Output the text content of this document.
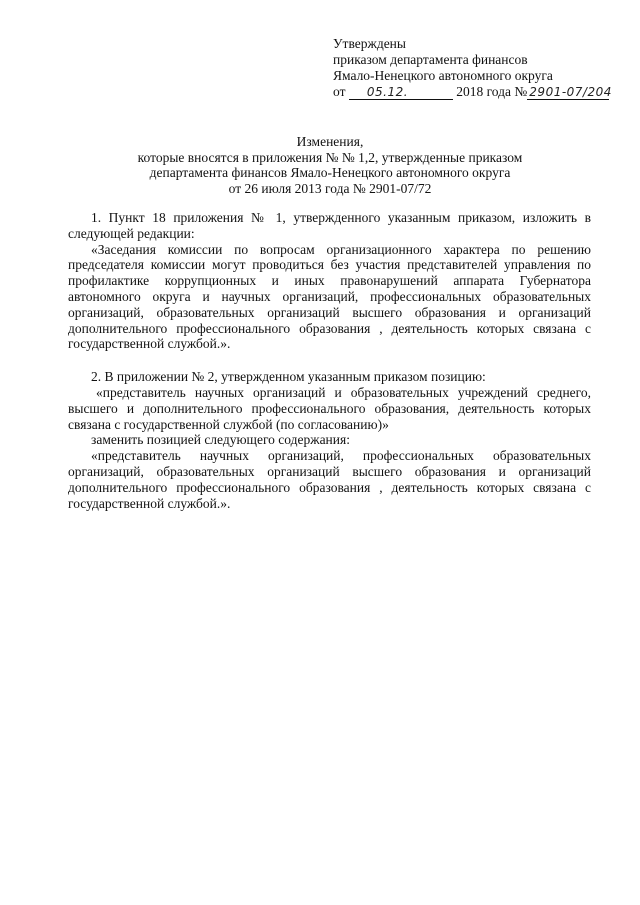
Утверждены
приказом департамента финансов
Ямало-Ненецкого автономного округа
от 05.12.	2018 года № 2901-07/204
Изменения,
которые вносятся в приложения № № 1,2, утвержденные приказом
департамента финансов Ямало-Ненецкого автономного округа
от 26 июля 2013 года № 2901-07/72

1. Пункт 18 приложения № 1, утвержденного указанным приказом, изложить в следующей редакции:

«Заседания комиссии по вопросам организационного характера по решению председателя комиссии могут проводиться без участия представителей управления по профилактике коррупционных и иных правонарушений аппарата Губернатора автономного округа и научных организаций, профессиональных образовательных организаций, образовательных организаций высшего образования и организаций дополнительного профессионального образования , деятельность которых связана с государственной службой.».

2. В приложении № 2, утвержденном указанным приказом позицию:

«представитель научных организаций и образовательных учреждений среднего, высшего и дополнительного профессионального образования, деятельность которых связана с государственной службой (по согласованию)»

заменить позицией следующего содержания:

«представитель научных организаций, профессиональных образовательных организаций, образовательных организаций высшего образования и организаций дополнительного профессионального образования , деятельность которых связана с государственной службой.».
